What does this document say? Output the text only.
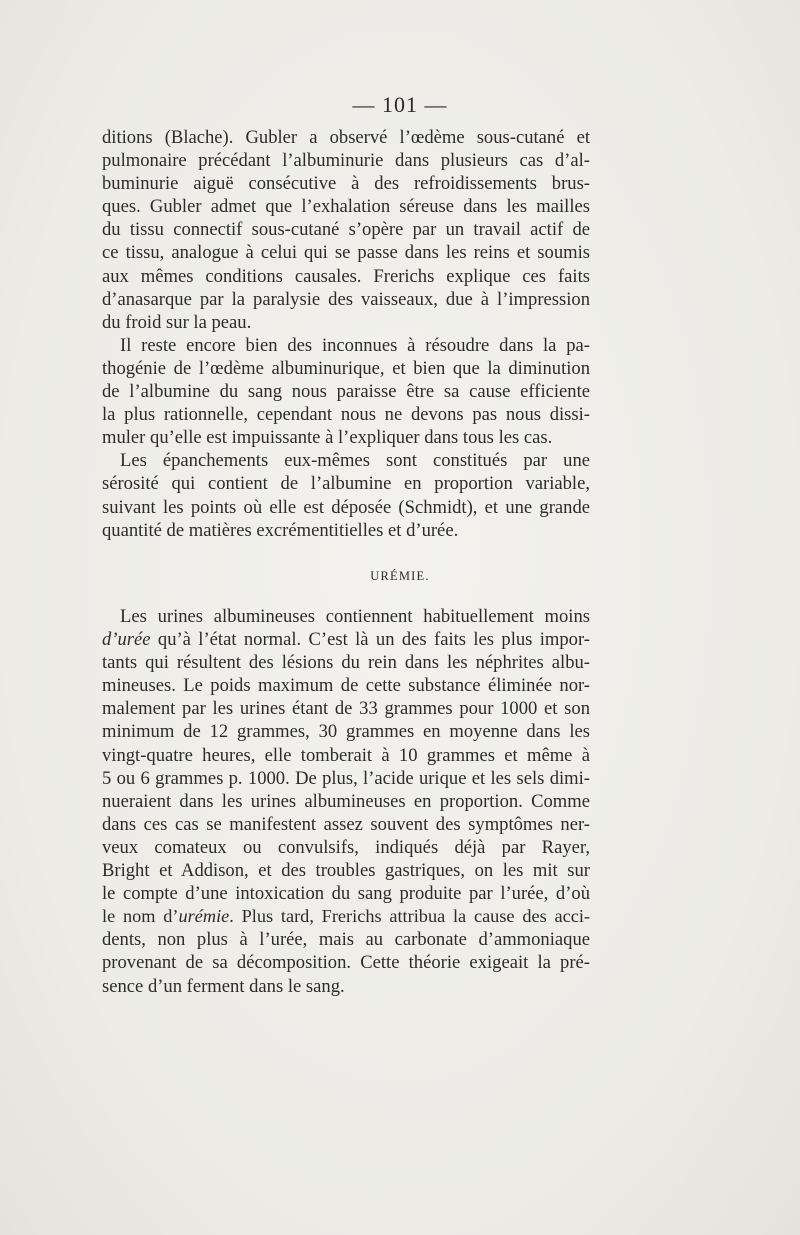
— 101 —

ditions (Blache). Gubler a observé l’œdème sous-cutané et
pulmonaire précédant l’albuminurie dans plusieurs cas d’al-
buminurie aiguë consécutive à des refroidissements brus-
ques. Gubler admet que l’exhalation séreuse dans les mailles
du tissu connectif sous-cutané s’opère par un travail actif de
ce tissu, analogue à celui qui se passe dans les reins et soumis
aux mêmes conditions causales. Frerichs explique ces faits
d’anasarque par la paralysie des vaisseaux, due à l’impression
du froid sur la peau.

Il reste encore bien des inconnues à résoudre dans la pa-
thogénie de l’œdème albuminurique, et bien que la diminution
de l’albumine du sang nous paraisse être sa cause efficiente
la plus rationnelle, cependant nous ne devons pas nous dissi-
muler qu’elle est impuissante à l’expliquer dans tous les cas.

Les épanchements eux-mêmes sont constitués par une
sérosité qui contient de l’albumine en proportion variable,
suivant les points où elle est déposée (Schmidt), et une grande
quantité de matières excrémentitielles et d’urée.

URÉMIE.

Les urines albumineuses contiennent habituellement moins
d’urée qu’à l’état normal. C’est là un des faits les plus impor-
tants qui résultent des lésions du rein dans les néphrites albu-
mineuses. Le poids maximum de cette substance éliminée nor-
malement par les urines étant de 33 grammes pour 1000 et son
minimum de 12 grammes, 30 grammes en moyenne dans les
vingt-quatre heures, elle tomberait à 10 grammes et même à
5 ou 6 grammes p. 1000. De plus, l’acide urique et les sels dimi-
nueraient dans les urines albumineuses en proportion. Comme
dans ces cas se manifestent assez souvent des symptômes ner-
veux comateux ou convulsifs, indiqués déjà par Rayer,
Bright et Addison, et des troubles gastriques, on les mit sur
le compte d’une intoxication du sang produite par l’urée, d’où
le nom d’urémie. Plus tard, Frerichs attribua la cause des acci-
dents, non plus à l’urée, mais au carbonate d’ammoniaque
provenant de sa décomposition. Cette théorie exigeait la pré-
sence d’un ferment dans le sang.
